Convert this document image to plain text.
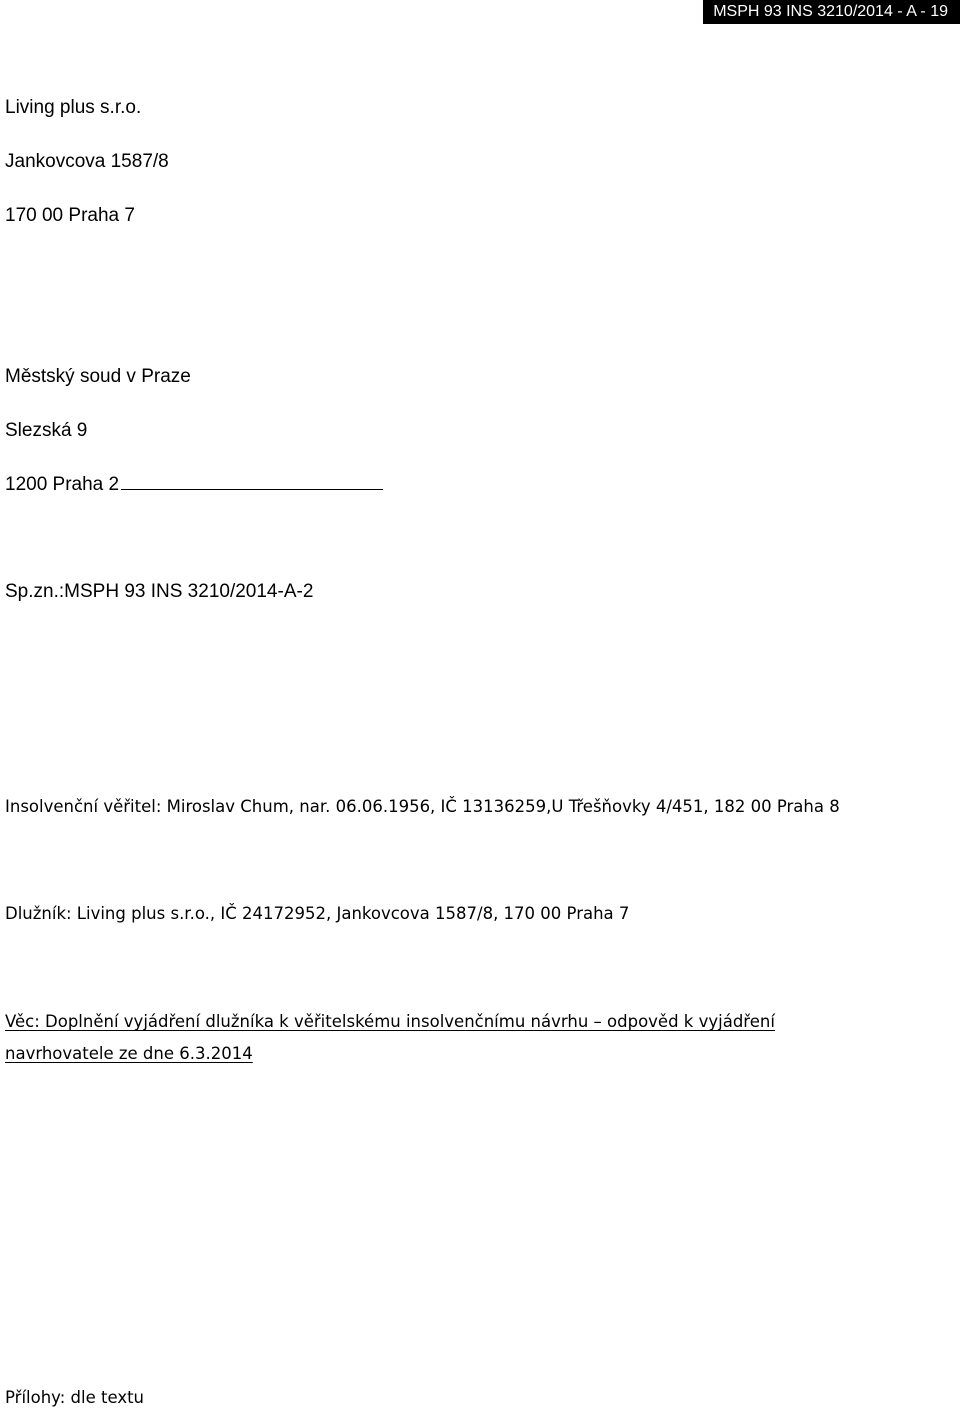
MSPH 93 INS 3210/2014 - A - 19
Living plus s.r.o.
Jankovcova 1587/8
170 00 Praha 7
Městský soud v Praze
Slezská 9
1200 Praha 2
Sp.zn.:MSPH 93 INS 3210/2014-A-2
Insolvenční věřitel: Miroslav Chum, nar. 06.06.1956, IČ 13136259,U Třešňovky 4/451, 182 00 Praha 8
Dlužník: Living plus s.r.o., IČ 24172952, Jankovcova 1587/8, 170 00 Praha 7
Věc: Doplnění vyjádření dlužníka k věřitelskému insolvenčnímu návrhu – odpověd k vyjádření
navrhovatele ze dne 6.3.2014
Přílohy: dle textu
